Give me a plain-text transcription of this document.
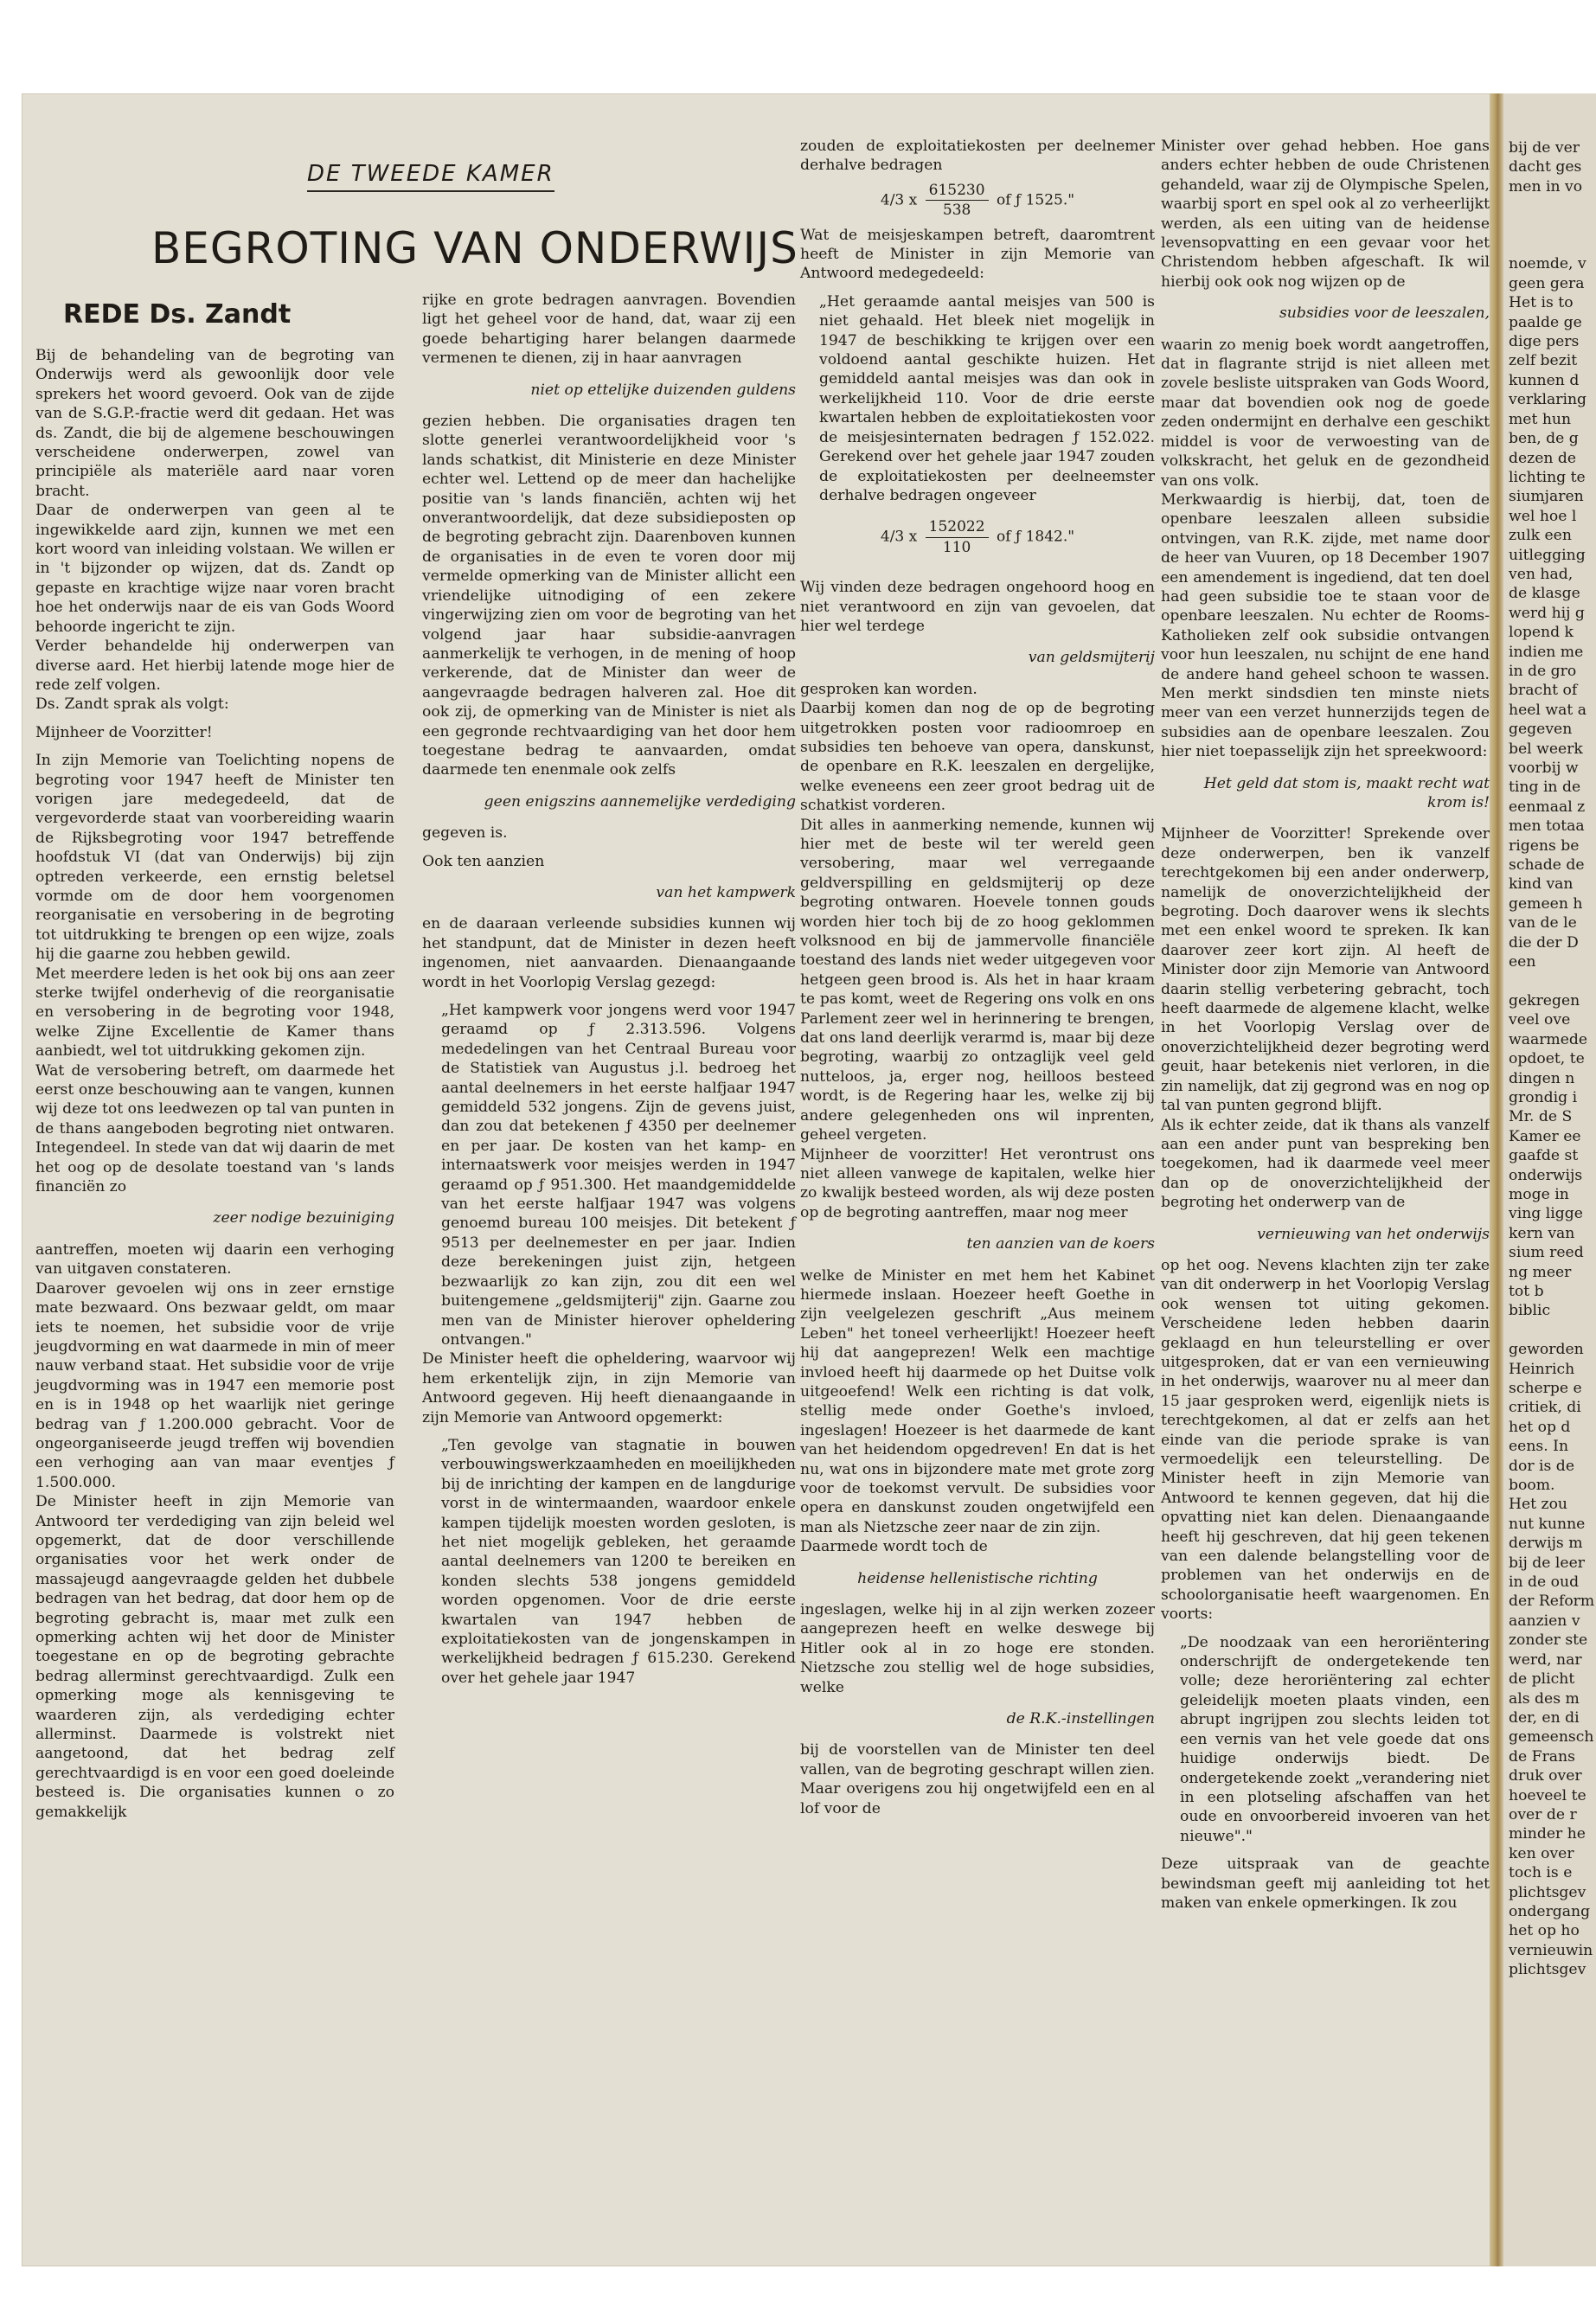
DE TWEEDE KAMER
BEGROTING VAN ONDERWIJS
REDE Ds. Zandt

Bij de behandeling van de begroting van Onderwijs werd als gewoonlijk door vele sprekers het woord gevoerd. Ook van de zijde van de S.G.P.-fractie werd dit gedaan. Het was ds. Zandt, die bij de algemene beschouwingen verscheidene onderwerpen, zowel van principiële als materiële aard naar voren bracht.

Daar de onderwerpen van geen al te ingewikkelde aard zijn, kunnen we met een kort woord van inleiding volstaan. We willen er in 't bijzonder op wijzen, dat ds. Zandt op gepaste en krachtige wijze naar voren bracht hoe het onderwijs naar de eis van Gods Woord behoorde ingericht te zijn.

Verder behandelde hij onderwerpen van diverse aard. Het hierbij latende moge hier de rede zelf volgen.

Ds. Zandt sprak als volgt:

Mijnheer de Voorzitter!

In zijn Memorie van Toelichting nopens de begroting voor 1947 heeft de Minister ten vorigen jare medegedeeld, dat de vergevorderde staat van voorbereiding waarin de Rijksbegroting voor 1947 betreffende hoofdstuk VI (dat van Onderwijs) bij zijn optreden verkeerde, een ernstig beletsel vormde om de door hem voorgenomen reorganisatie en versobering in de begroting tot uitdrukking te brengen op een wijze, zoals hij die gaarne zou hebben gewild.

Met meerdere leden is het ook bij ons aan zeer sterke twijfel onderhevig of die reorganisatie en versobering in de begroting voor 1948, welke Zijne Excellentie de Kamer thans aanbiedt, wel tot uitdrukking gekomen zijn.

Wat de versobering betreft, om daarmede het eerst onze beschouwing aan te vangen, kunnen wij deze tot ons leedwezen op tal van punten in de thans aangeboden begroting niet ontwaren. Integendeel. In stede van dat wij daarin de met het oog op de desolate toestand van 's lands financiën zo

zeer nodige bezuiniging

aantreffen, moeten wij daarin een verhoging van uitgaven constateren.

Daarover gevoelen wij ons in zeer ernstige mate bezwaard. Ons bezwaar geldt, om maar iets te noemen, het subsidie voor de vrije jeugdvorming en wat daarmede in min of meer nauw verband staat. Het subsidie voor de vrije jeugdvorming was in 1947 een memorie post en is in 1948 op het waarlijk niet geringe bedrag van ƒ 1.200.000 gebracht. Voor de ongeorganiseerde jeugd treffen wij bovendien een verhoging aan van maar eventjes ƒ 1.500.000.

De Minister heeft in zijn Memorie van Antwoord ter verdediging van zijn beleid wel opgemerkt, dat de door verschillende organisaties voor het werk onder de massajeugd aangevraagde gelden het dubbele bedragen van het bedrag, dat door hem op de begroting gebracht is, maar met zulk een opmerking achten wij het door de Minister toegestane en op de begroting gebrachte bedrag allerminst gerechtvaardigd. Zulk een opmerking moge als kennisgeving te waarderen zijn, als verdediging echter allerminst. Daarmede is volstrekt niet aangetoond, dat het bedrag zelf gerechtvaardigd is en voor een goed doeleinde besteed is. Die organisaties kunnen o zo gemakkelijk

rijke en grote bedragen aanvragen. Bovendien ligt het geheel voor de hand, dat, waar zij een goede behartiging harer belangen daarmede vermenen te dienen, zij in haar aanvragen

niet op ettelijke duizenden guldens

gezien hebben. Die organisaties dragen ten slotte generlei verantwoordelijkheid voor 's lands schatkist, dit Ministerie en deze Minister echter wel. Lettend op de meer dan hachelijke positie van 's lands financiën, achten wij het onverantwoordelijk, dat deze subsidieposten op de begroting gebracht zijn. Daarenboven kunnen de organisaties in de even te voren door mij vermelde opmerking van de Minister allicht een vriendelijke uitnodiging of een zekere vingerwijzing zien om voor de begroting van het volgend jaar haar subsidie-aanvragen aanmerkelijk te verhogen, in de mening of hoop verkerende, dat de Minister dan weer de aangevraagde bedragen halveren zal. Hoe dit ook zij, de opmerking van de Minister is niet als een gegronde rechtvaardiging van het door hem toegestane bedrag te aanvaarden, omdat daarmede ten enenmale ook zelfs

geen enigszins aannemelijke verdediging

gegeven is.

Ook ten aanzien

van het kampwerk

en de daaraan verleende subsidies kunnen wij het standpunt, dat de Minister in dezen heeft ingenomen, niet aanvaarden. Dienaangaande wordt in het Voorlopig Verslag gezegd:

„Het kampwerk voor jongens werd voor 1947 geraamd op ƒ 2.313.596. Volgens mededelingen van het Centraal Bureau voor de Statistiek van Augustus j.l. bedroeg het aantal deelnemers in het eerste halfjaar 1947 gemiddeld 532 jongens. Zijn de gevens juist, dan zou dat betekenen ƒ 4350 per deelnemer en per jaar. De kosten van het kamp- en internaatswerk voor meisjes werden in 1947 geraamd op ƒ 951.300. Het maandgemiddelde van het eerste halfjaar 1947 was volgens genoemd bureau 100 meisjes. Dit betekent ƒ 9513 per deelnemester en per jaar. Indien deze berekeningen juist zijn, hetgeen bezwaarlijk zo kan zijn, zou dit een wel buitengemene „geldsmijterij" zijn. Gaarne zou men van de Minister hierover opheldering ontvangen."

De Minister heeft die opheldering, waarvoor wij hem erkentelijk zijn, in zijn Memorie van Antwoord gegeven. Hij heeft dienaangaande in zijn Memorie van Antwoord opgemerkt:

„Ten gevolge van stagnatie in bouwen verbouwingswerkzaamheden en moeilijkheden bij de inrichting der kampen en de langdurige vorst in de wintermaanden, waardoor enkele kampen tijdelijk moesten worden gesloten, is het niet mogelijk gebleken, het geraamde aantal deelnemers van 1200 te bereiken en konden slechts 538 jongens gemiddeld worden opgenomen. Voor de drie eerste kwartalen van 1947 hebben de exploitatiekosten van de jongenskampen in werkelijkheid bedragen ƒ 615.230. Gerekend over het gehele jaar 1947

zouden de exploitatiekosten per deelnemer derhalve bedragen

4/3 x $\frac{615230}{538}$ of ƒ 1525."

Wat de meisjeskampen betreft, daaromtrent heeft de Minister in zijn Memorie van Antwoord medegedeeld:

„Het geraamde aantal meisjes van 500 is niet gehaald. Het bleek niet mogelijk in 1947 de beschikking te krijgen over een voldoend aantal geschikte huizen. Het gemiddeld aantal meisjes was dan ook in werkelijkheid 110. Voor de drie eerste kwartalen hebben de exploitatiekosten voor de meisjesinternaten bedragen ƒ 152.022. Gerekend over het gehele jaar 1947 zouden de exploitatiekosten per deelneemster derhalve bedragen ongeveer

4/3 x $\frac{152022}{110}$ of ƒ 1842."

Wij vinden deze bedragen ongehoord hoog en niet verantwoord en zijn van gevoelen, dat hier wel terdege

van geldsmijterij

gesproken kan worden.

Daarbij komen dan nog de op de begroting uitgetrokken posten voor radioomroep en subsidies ten behoeve van opera, danskunst, de openbare en R.K. leeszalen en dergelijke, welke eveneens een zeer groot bedrag uit de schatkist vorderen.

Dit alles in aanmerking nemende, kunnen wij hier met de beste wil ter wereld geen versobering, maar wel verregaande geldverspilling en geldsmijterij op deze begroting ontwaren. Hoevele tonnen gouds worden hier toch bij de zo hoog geklommen volksnood en bij de jammervolle financiële toestand des lands niet weder uitgegeven voor hetgeen geen brood is. Als het in haar kraam te pas komt, weet de Regering ons volk en ons Parlement zeer wel in herinnering te brengen, dat ons land deerlijk verarmd is, maar bij deze begroting, waarbij zo ontzaglijk veel geld nutteloos, ja, erger nog, heilloos besteed wordt, is de Regering haar les, welke zij bij andere gelegenheden ons wil inprenten, geheel vergeten.

Mijnheer de voorzitter! Het verontrust ons niet alleen vanwege de kapitalen, welke hier zo kwalijk besteed worden, als wij deze posten op de begroting aantreffen, maar nog meer

ten aanzien van de koers

welke de Minister en met hem het Kabinet hiermede inslaan. Hoezeer heeft Goethe in zijn veelgelezen geschrift „Aus meinem Leben" het toneel verheerlijkt! Hoezeer heeft hij dat aangeprezen! Welk een machtige invloed heeft hij daarmede op het Duitse volk uitgeoefend! Welk een richting is dat volk, stellig mede onder Goethe's invloed, ingeslagen! Hoezeer is het daarmede de kant van het heidendom opgedreven! En dat is het nu, wat ons in bijzondere mate met grote zorg voor de toekomst vervult. De subsidies voor opera en danskunst zouden ongetwijfeld een man als Nietzsche zeer naar de zin zijn.

Daarmede wordt toch de

heidense hellenistische richting

ingeslagen, welke hij in al zijn werken zozeer aangeprezen heeft en welke deswege bij Hitler ook al in zo hoge ere stonden. Nietzsche zou stellig wel de hoge subsidies, welke

de R.K.-instellingen

bij de voorstellen van de Minister ten deel vallen, van de begroting geschrapt willen zien. Maar overigens zou hij ongetwijfeld een en al lof voor de

Minister over gehad hebben. Hoe gans anders echter hebben de oude Christenen gehandeld, waar zij de Olympische Spelen, waarbij sport en spel ook al zo verheerlijkt werden, als een uiting van de heidense levensopvatting en een gevaar voor het Christendom hebben afgeschaft. Ik wil hierbij ook ook nog wijzen op de

subsidies voor de leeszalen,

waarin zo menig boek wordt aangetroffen, dat in flagrante strijd is niet alleen met zovele besliste uitspraken van Gods Woord, maar dat bovendien ook nog de goede zeden ondermijnt en derhalve een geschikt middel is voor de verwoesting van de volkskracht, het geluk en de gezondheid van ons volk.

Merkwaardig is hierbij, dat, toen de openbare leeszalen alleen subsidie ontvingen, van R.K. zijde, met name door de heer van Vuuren, op 18 December 1907 een amendement is ingediend, dat ten doel had geen subsidie toe te staan voor de openbare leeszalen. Nu echter de Rooms-Katholieken zelf ook subsidie ontvangen voor hun leeszalen, nu schijnt de ene hand de andere hand geheel schoon te wassen. Men merkt sindsdien ten minste niets meer van een verzet hunnerzijds tegen de subsidies aan de openbare leeszalen. Zou hier niet toepasselijk zijn het spreekwoord:

Het geld dat stom is, maakt recht wat krom is!

Mijnheer de Voorzitter! Sprekende over deze onderwerpen, ben ik vanzelf terechtgekomen bij een ander onderwerp, namelijk de onoverzichtelijkheid der begroting. Doch daarover wens ik slechts met een enkel woord te spreken. Ik kan daarover zeer kort zijn. Al heeft de Minister door zijn Memorie van Antwoord daarin stellig verbetering gebracht, toch heeft daarmede de algemene klacht, welke in het Voorlopig Verslag over de onoverzichtelijkheid dezer begroting werd geuit, haar betekenis niet verloren, in die zin namelijk, dat zij gegrond was en nog op tal van punten gegrond blijft.

Als ik echter zeide, dat ik thans als vanzelf aan een ander punt van bespreking ben toegekomen, had ik daarmede veel meer dan op de onoverzichtelijkheid der begroting het onderwerp van de

vernieuwing van het onderwijs

op het oog. Nevens klachten zijn ter zake van dit onderwerp in het Voorlopig Verslag ook wensen tot uiting gekomen. Verscheidene leden hebben daarin geklaagd en hun teleurstelling er over uitgesproken, dat er van een vernieuwing in het onderwijs, waarover nu al meer dan 15 jaar gesproken werd, eigenlijk niets is terechtgekomen, al dat er zelfs aan het einde van die periode sprake is van vermoedelijk een teleurstelling. De Minister heeft in zijn Memorie van Antwoord te kennen gegeven, dat hij die opvatting niet kan delen. Dienaangaande heeft hij geschreven, dat hij geen tekenen van een dalende belangstelling voor de problemen van het onderwijs en de schoolorganisatie heeft waargenomen. En voorts:

„De noodzaak van een heroriëntering onderschrijft de ondergetekende ten volle; deze heroriëntering zal echter geleidelijk moeten plaats vinden, een abrupt ingrijpen zou slechts leiden tot een vernis van het vele goede dat ons huidige onderwijs biedt. De ondergetekende zoekt „verandering niet in een plotseling afschaffen van het oude en onvoorbereid invoeren van het nieuwe"."

Deze uitspraak van de geachte bewindsman geeft mij aanleiding tot het maken van enkele opmerkingen. Ik zou

bij de ver
dacht ges
men in vo

noemde, v
geen gera
Het is to
paalde ge
dige pers
zelf bezit
kunnen d
verklaring
met hun
ben, de g
dezen de
lichting te
siumjaren
wel hoe l
zulk een
uitlegging
ven had,
de klasge
werd hij g
lopend k
indien me
in de gro
bracht of
heel wat a
gegeven
bel weerk
voorbij w
ting in de
eenmaal z
men totaa
rigens be
schade de
kind van
gemeen h
van de le
die der D
een

gekregen
veel ove
waarmede
opdoet, te
dingen n
grondig i
Mr. de S
Kamer ee
gaafde st
onderwijs
moge in
ving ligge
kern van
sium reed
ng meer
tot b
biblic

geworden
Heinrich
scherpe e
critiek, di
het op d
eens. In
dor is de
boom.
Het zou
nut kunne
derwijs m
bij de leer
in de oud
der Reform
aanzien v
zonder ste
werd, nar
de plicht
als des m
der, en di
gemeensch
de Frans
druk over
hoeveel te
over de r
minder he
ken over
toch is e
plichtsgev
ondergang
het op ho
vernieuwin
plichtsgev
